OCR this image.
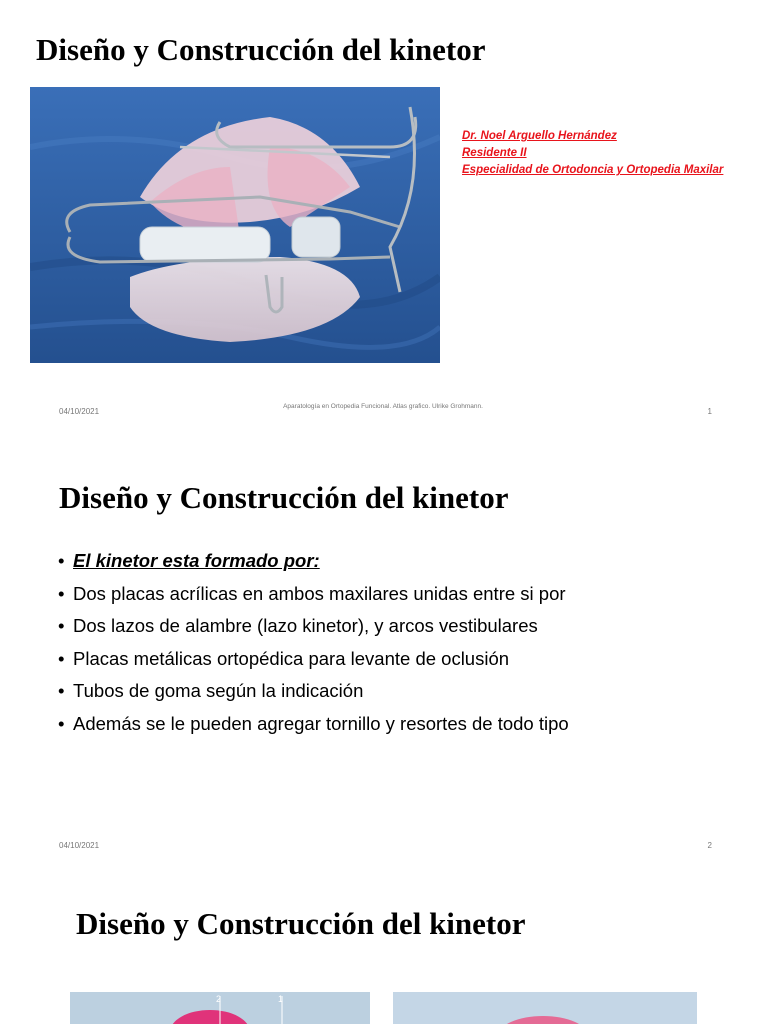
Diseño y Construcción del kinetor
Dr. Noel Arguello Hernández
Residente II
Especialidad de Ortodoncia y Ortopedia Maxilar
04/10/2021
Aparatología en Ortopedia Funcional. Atlas grafico. Ulrike Grohmann.
1
Diseño y Construcción del kinetor
• El kinetor esta formado por:
• Dos placas acrílicas en ambos maxilares unidas entre si por
• Dos lazos de alambre (lazo kinetor), y arcos vestibulares
• Placas metálicas ortopédica para levante de oclusión
• Tubos de goma según la indicación
• Además se le pueden agregar tornillo y resortes de todo tipo
04/10/2021	2
Diseño y Construcción del kinetor
2	1
